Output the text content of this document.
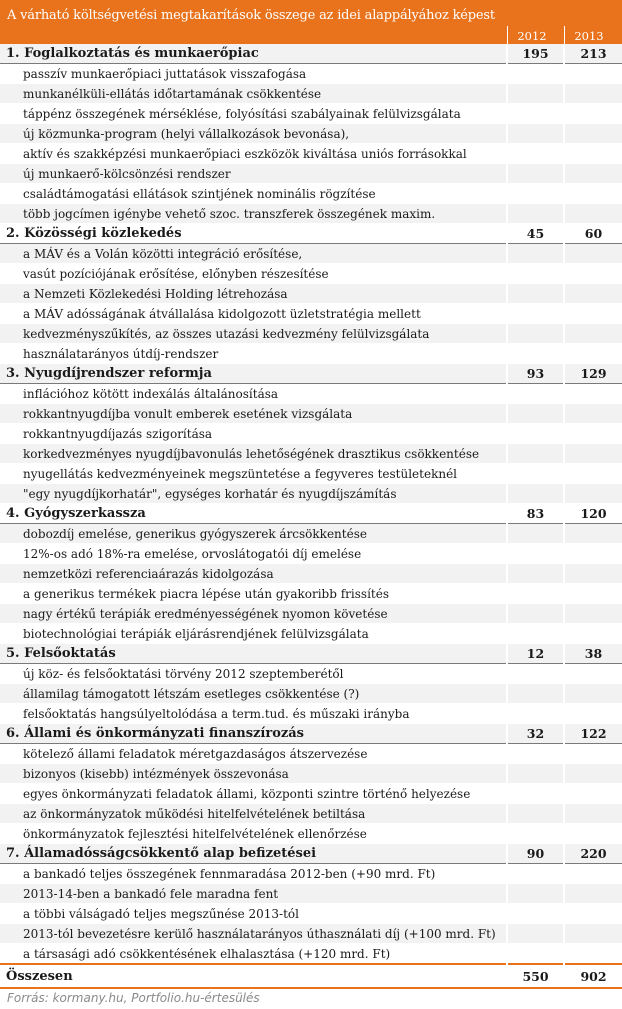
A várható költségvetési megtakarítások összege az idei alappályához képest
2012	2013
1. Foglalkoztatás és munkaerőpiac	195	213
passzív munkaerőpiaci juttatások visszafogása		
munkanélküli-ellátás időtartamának csökkentése		
táppénz összegének mérséklése, folyósítási szabályainak felülvizsgálata		
új közmunka-program (helyi vállalkozások bevonása),		
aktív és szakképzési munkaerőpiaci eszközök kiváltása uniós forrásokkal		
új munkaerő-kölcsönzési rendszer		
családtámogatási ellátások szintjének nominális rögzítése		
több jogcímen igénybe vehető szoc. transzferek összegének maxim.		
2. Közösségi közlekedés	45	60
a MÁV és a Volán közötti integráció erősítése,		
vasút pozíciójának erősítése, előnyben részesítése		
a Nemzeti Közlekedési Holding létrehozása		
a MÁV adósságának átvállalása kidolgozott üzletstratégia mellett		
kedvezményszűkítés, az összes utazási kedvezmény felülvizsgálata		
használatarányos útdíj-rendszer		
3. Nyugdíjrendszer reformja	93	129
inflációhoz kötött indexálás általánosítása		
rokkantnyugdíjba vonult emberek esetének vizsgálata		
rokkantnyugdíjazás szigorítása		
korkedvezményes nyugdíjbavonulás lehetőségének drasztikus csökkentése		
nyugellátás kedvezményeinek megszüntetése a fegyveres testületeknél		
"egy nyugdíjkorhatár", egységes korhatár és nyugdíjszámítás		
4. Gyógyszerkassza	83	120
dobozdíj emelése, generikus gyógyszerek árcsökkentése		
12%-os adó 18%-ra emelése, orvoslátogatói díj emelése		
nemzetközi referenciaárazás kidolgozása		
a generikus termékek piacra lépése után gyakoribb frissítés		
nagy értékű terápiák eredményességének nyomon követése		
biotechnológiai terápiák eljárásrendjének felülvizsgálata		
5. Felsőoktatás	12	38
új köz- és felsőoktatási törvény 2012 szeptemberétől		
államilag támogatott létszám esetleges csökkentése (?)		
felsőoktatás hangsúlyeltolódása a term.tud. és műszaki irányba		
6. Állami és önkormányzati finanszírozás	32	122
kötelező állami feladatok méretgazdaságos átszervezése		
bizonyos (kisebb) intézmények összevonása		
egyes önkormányzati feladatok állami, központi szintre történő helyezése		
az önkormányzatok működési hitelfelvételének betiltása		
önkormányzatok fejlesztési hitelfelvételének ellenőrzése		
7. Államadósságcsökkentő alap befizetései	90	220
a bankadó teljes összegének fennmaradása 2012-ben (+90 mrd. Ft)		
2013-14-ben a bankadó fele maradna fent		
a többi válságadó teljes megszűnése 2013-tól		
2013-tól bevezetésre kerülő használatarányos úthasználati díj (+100 mrd. Ft)		
a társasági adó csökkentésének elhalasztása (+120 mrd. Ft)		
Összesen	550	902
Forrás: kormany.hu, Portfolio.hu-értesülés
